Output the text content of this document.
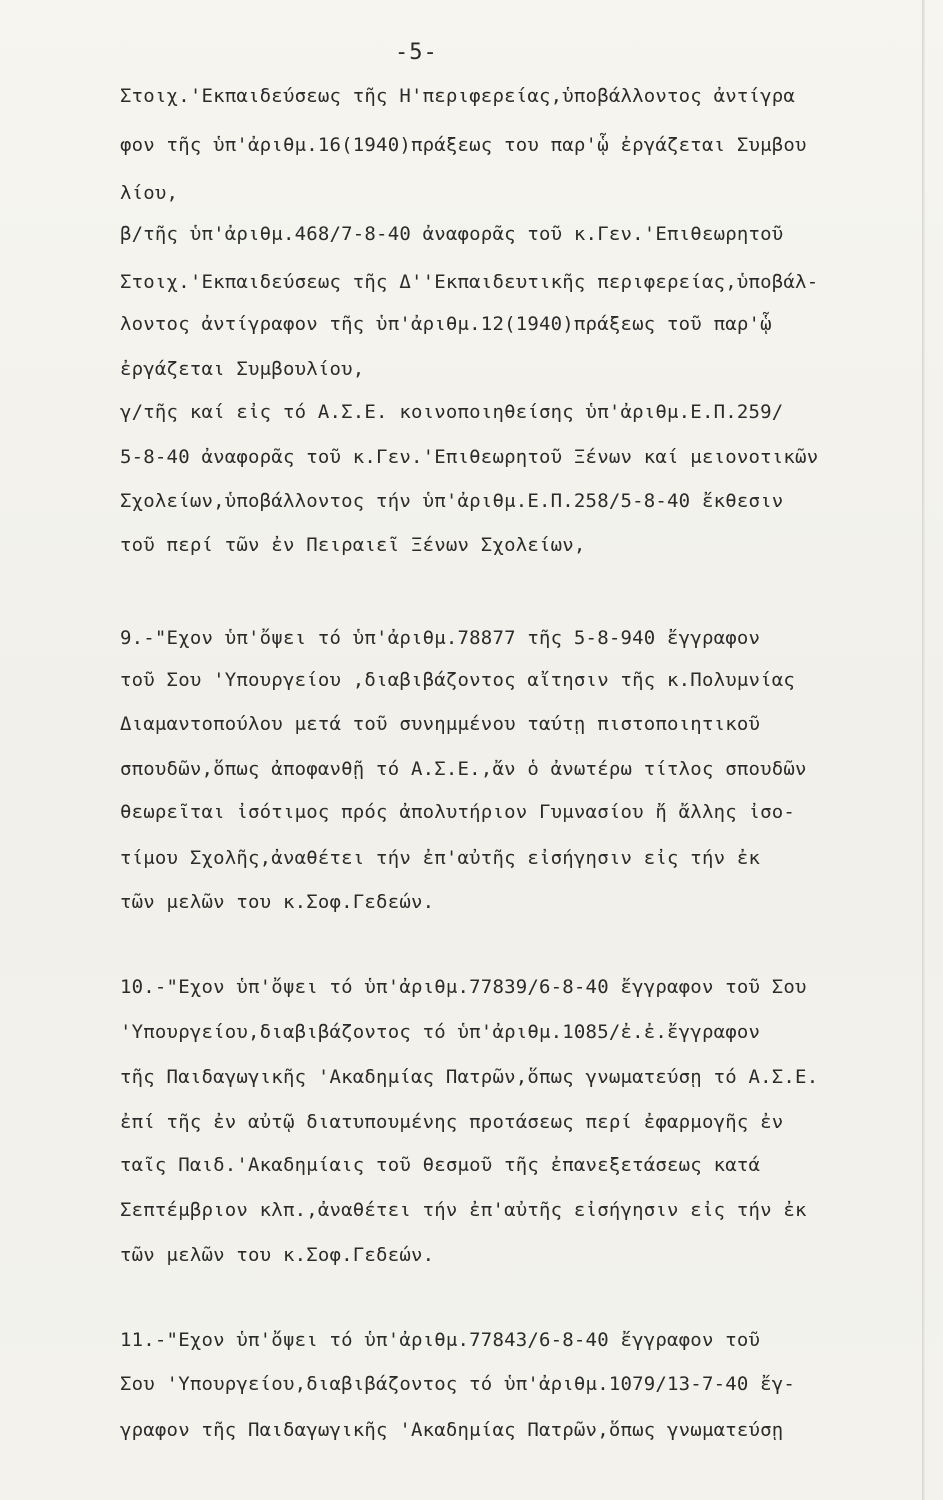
-5-
Στοιχ.'Εκπαιδεύσεως τῆς Η'περιφερείας,ὑποβάλλοντος ἀντίγρα
φον τῆς ὑπ'ἀριθμ.16(1940)πράξεως του παρ'ᾧ ἐργάζεται Συμβου
λίου,
β/τῆς ὑπ'ἀριθμ.468/7-8-40 ἀναφορᾶς τοῦ κ.Γεν.'Επιθεωρητοῦ
Στοιχ.'Εκπαιδεύσεως τῆς Δ''Εκπαιδευτικῆς περιφερείας,ὑποβάλ-
λοντος ἀντίγραφον τῆς ὑπ'ἀριθμ.12(1940)πράξεως τοῦ παρ'ᾧ
ἐργάζεται Συμβουλίου,
γ/τῆς καί εἰς τό Α.Σ.Ε. κοινοποιηθείσης ὑπ'ἀριθμ.Ε.Π.259/
5-8-40 ἀναφορᾶς τοῦ κ.Γεν.'Επιθεωρητοῦ Ξένων καί μειονοτικῶν
Σχολείων,ὑποβάλλοντος τήν ὑπ'ἀριθμ.Ε.Π.258/5-8-40 ἔκθεσιν
τοῦ περί τῶν ἐν Πειραιεῖ Ξένων Σχολείων,
9.-"Εχον ὑπ'ὄψει τό ὑπ'ἀριθμ.78877 τῆς 5-8-940 ἔγγραφον
τοῦ Σου 'Υπουργείου ,διαβιβάζοντος αἴτησιν τῆς κ.Πολυμνίας
Διαμαντοπούλου μετά τοῦ συνημμένου ταύτῃ πιστοποιητικοῦ
σπουδῶν,ὅπως ἀποφανθῇ τό Α.Σ.Ε.,ἄν ὁ ἀνωτέρω τίτλος σπουδῶν
θεωρεῖται ἰσότιμος πρός ἀπολυτήριον Γυμνασίου ἤ ἄλλης ἰσο-
τίμου Σχολῆς,ἀναθέτει τήν ἐπ'αὐτῆς εἰσήγησιν εἰς τήν ἐκ
τῶν μελῶν του κ.Σοφ.Γεδεών.
10.-"Εχον ὑπ'ὄψει τό ὑπ'ἀριθμ.77839/6-8-40 ἔγγραφον τοῦ Σου
'Υπουργείου,διαβιβάζοντος τό ὑπ'ἀριθμ.1085/ἐ.ἐ.ἔγγραφον
τῆς Παιδαγωγικῆς 'Ακαδημίας Πατρῶν,ὅπως γνωματεύσῃ τό Α.Σ.Ε.
ἐπί τῆς ἐν αὐτῷ διατυπουμένης προτάσεως περί ἐφαρμογῆς ἐν
ταῖς Παιδ.'Ακαδημίαις τοῦ θεσμοῦ τῆς ἐπανεξετάσεως κατά
Σεπτέμβριον κλπ.,ἀναθέτει τήν ἐπ'αὐτῆς εἰσήγησιν εἰς τήν ἐκ
τῶν μελῶν του κ.Σοφ.Γεδεών.
11.-"Εχον ὑπ'ὄψει τό ὑπ'ἀριθμ.77843/6-8-40 ἔγγραφον τοῦ
Σου 'Υπουργείου,διαβιβάζοντος τό ὑπ'ἀριθμ.1079/13-7-40 ἔγ-
γραφον τῆς Παιδαγωγικῆς 'Ακαδημίας Πατρῶν,ὅπως γνωματεύσῃ
